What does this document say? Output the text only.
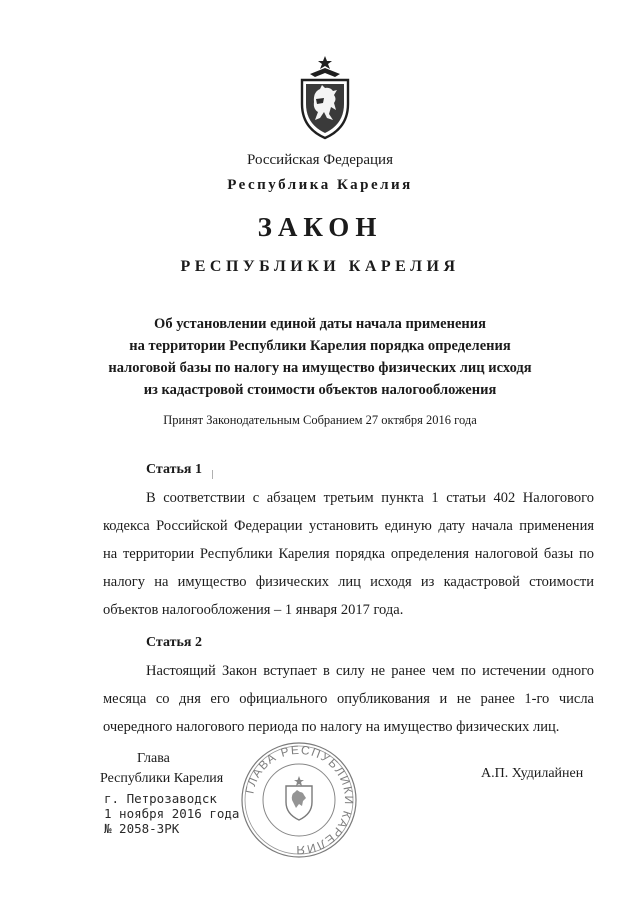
Российская Федерация
Республика Карелия
ЗАКОН
РЕСПУБЛИКИ КАРЕЛИЯ
Об установлении единой даты начала применения
на территории Республики Карелия порядка определения
налоговой базы по налогу на имущество физических лиц исходя
из кадастровой стоимости объектов налогообложения
Принят Законодательным Собранием 27 октября 2016 года
Статья 1
В соответствии с абзацем третьим пункта 1 статьи 402 Налогового
кодекса Российской Федерации установить единую дату начала применения
на территории Республики Карелия порядка определения налоговой базы по
налогу на имущество физических лиц исходя из кадастровой стоимости
объектов налогообложения – 1 января 2017 года.
Статья 2
Настоящий Закон вступает в силу не ранее чем по истечении одного
месяца со дня его официального опубликования и не ранее 1-го числа
очередного налогового периода по налогу на имущество физических лиц.
Глава
Республики Карелия	А.П. Худилайнен
г. Петрозаводск
1 ноября 2016 года
№ 2058-ЗРК
ГЛАВА РЕСПУБЛИКИ КАРЕЛИЯ
